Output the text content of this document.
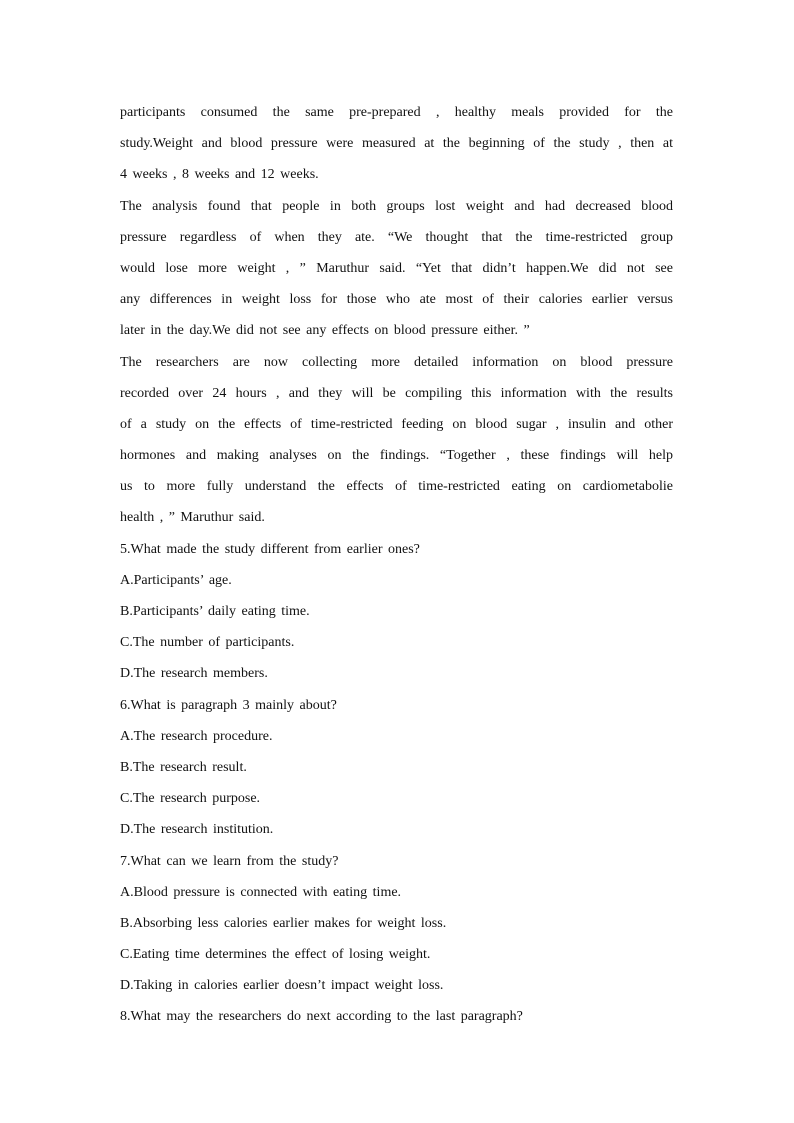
participants consumed the same pre-prepared , healthy meals provided for the
study.Weight and blood pressure were measured at the beginning of the study , then at
4 weeks , 8 weeks and 12 weeks.
The analysis found that people in both groups lost weight and had decreased blood
pressure regardless of when they ate. “We thought that the time-restricted group
would lose more weight , ” Maruthur said. “Yet that didn’t happen.We did not see
any differences in weight loss for those who ate most of their calories earlier versus
later in the day.We did not see any effects on blood pressure either. ”
The researchers are now collecting more detailed information on blood pressure
recorded over 24 hours , and they will be compiling this information with the results
of a study on the effects of time-restricted feeding on blood sugar , insulin and other
hormones and making analyses on the findings. “Together , these findings will help
us to more fully understand the effects of time-restricted eating on cardiometabolie
health , ” Maruthur said.

5.What made the study different from earlier ones?

A.Participants’ age.

B.Participants’ daily eating time.

C.The number of participants.

D.The research members.

6.What is paragraph 3 mainly about?

A.The research procedure.

B.The research result.

C.The research purpose.

D.The research institution.

7.What can we learn from the study?

A.Blood pressure is connected with eating time.

B.Absorbing less calories earlier makes for weight loss.

C.Eating time determines the effect of losing weight.

D.Taking in calories earlier doesn’t impact weight loss.

8.What may the researchers do next according to the last paragraph?
